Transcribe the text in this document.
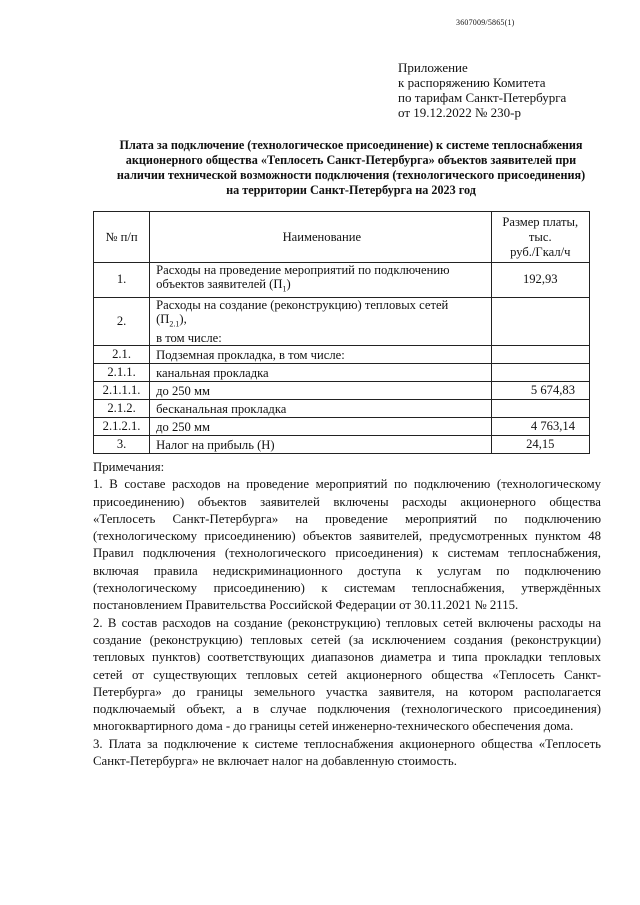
3607009/5865(1)
Приложение
к распоряжению Комитета
по тарифам Санкт-Петербурга
от 19.12.2022 № 230-р
Плата за подключение (технологическое присоединение) к системе теплоснабжения
акционерного общества «Теплосеть Санкт-Петербурга» объектов заявителей при
наличии технической возможности подключения (технологического присоединения)
на территории Санкт-Петербурга на 2023 год
№ п/п	Наименование	Размер платы,
тыс.
руб./Гкал/ч

1.	Расходы на проведение мероприятий по подключению объектов заявителей $(П_1)$	192,93
2.	Расходы на создание (реконструкцию) тепловых сетей
$(П_{2.1})$,
в том числе:	

2.1.	Подземная прокладка, в том числе:	
2.1.1.	канальная прокладка	
2.1.1.1.	до 250 мм	5 674,83
2.1.2.	бесканальная прокладка	
2.1.2.1.	до 250 мм	4 763,14
3.	Налог на прибыль (Н)	24,15

Примечания:

1. В составе расходов на проведение мероприятий по подключению (технологическому присоединению) объектов заявителей включены расходы акционерного общества «Теплосеть Санкт-Петербурга» на проведение мероприятий по подключению (технологическому присоединению) объектов заявителей, предусмотренных пунктом 48 Правил подключения (технологического присоединения) к системам теплоснабжения, включая правила недискриминационного доступа к услугам по подключению (технологическому присоединению) к системам теплоснабжения, утверждённых постановлением Правительства Российской Федерации от 30.11.2021 № 2115.

2. В состав расходов на создание (реконструкцию) тепловых сетей включены расходы на создание (реконструкцию) тепловых сетей (за исключением создания (реконструкции) тепловых пунктов) соответствующих диапазонов диаметра и типа прокладки тепловых сетей от существующих тепловых сетей акционерного общества «Теплосеть Санкт-Петербурга» до границы земельного участка заявителя, на котором располагается подключаемый объект, а в случае подключения (технологического присоединения) многоквартирного дома - до границы сетей инженерно-технического обеспечения дома.

3. Плата за подключение к системе теплоснабжения акционерного общества «Теплосеть Санкт-Петербурга» не включает налог на добавленную стоимость.
